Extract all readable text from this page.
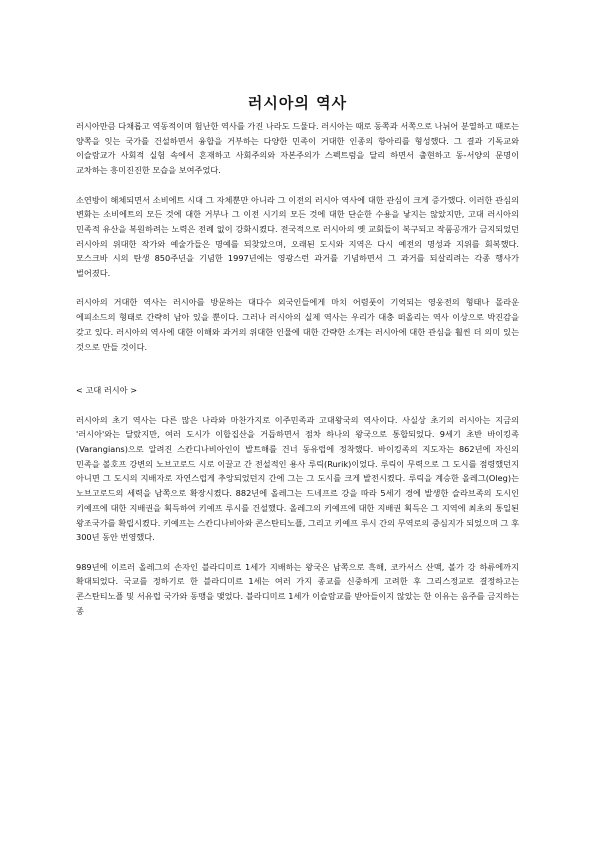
러시아의 역사

러시아만큼 다채롭고 역동적이며 험난한 역사를 가진 나라도 드물다. 러시아는 때로 동쪽과 서쪽으로 나뉘어 분열하고 때로는 양쪽을 잇는 국가를 건설하면서 융합을 거부하는 다양한 민족이 거대한 인종의 항아리를 형성했다. 그 결과 기독교와 이슬람교가 사회적 실험 속에서 혼재하고 사회주의와 자본주의가 스펙트럼을 달리 하면서 출현하고 동-서양의 문명이 교차하는 흥미진진한 모습을 보여주었다.

소연방이 해체되면서 소비에트 시대 그 자체뿐만 아니라 그 이전의 러시아 역사에 대한 관심이 크게 증가했다. 이러한 관심의 변화는 소비에트의 모든 것에 대한 거부나 그 이전 시기의 모든 것에 대한 단순한 수용을 낳지는 않았지만, 고대 러시아의 민족적 유산을 복원하려는 노력은 전례 없이 강화시켰다. 전국적으로 러시아의 옛 교회들이 복구되고 작품공개가 금지되었던 러시아의 위대한 작가와 예술가들은 명예를 되찾았으며, 오래된 도시와 지역은 다시 예전의 명성과 지위를 회복했다. 모스크바 시의 탄생 850주년을 기념한 1997년에는 영광스런 과거를 기념하면서 그 과거를 되살리려는 각종 행사가 벌어졌다.

러시아의 거대한 역사는 러시아를 방문하는 대다수 외국인들에게 마치 어렴풋이 기억되는 영웅전의 형태나 몰라운 에피소드의 형태로 간략히 남아 있을 뿐이다. 그러나 러시아의 실제 역사는 우리가 대충 떠올리는 역사 이상으로 박진감을 갖고 있다. 러시아의 역사에 대한 이해와 과거의 위대한 인물에 대한 간략한 소개는 러시아에 대한 관심을 훨씬 더 의미 있는 것으로 만들 것이다.

< 고대 러시아 >

러시아의 초기 역사는 다른 많은 나라와 마찬가지로 이주민족과 고대왕국의 역사이다. 사실상 초기의 러시아는 지금의 '러시아'와는 달랐지만, 여러 도시가 이합집산을 거듭하면서 점차 하나의 왕국으로 통합되었다. 9세기 초반 바이킹족(Varangians)으로 알려진 스칸디나비아인이 발트해를 건너 동유럽에 정착했다. 바이킹족의 지도자는 862년에 자신의 민족을 볼호프 강변의 노브고로드 시로 이끌고 간 전설적인 용사 루릭(Rurik)이었다. 루릭이 무력으로 그 도시를 점령했던지 아니면 그 도시의 지배자로 자연스럽게 추앙되었던지 간에 그는 그 도시를 크게 발전시켰다. 루릭을 계승한 올레그(Oleg)는 노브고로드의 세력을 남쪽으로 확장시켰다. 882년에 올레그는 드네프르 강을 따라 5세기 경에 발생한 슬라브족의 도시인 키예프에 대한 지배권을 획득하여 키예프 루시를 건설했다. 올레그의 키예프에 대한 지배권 획득은 그 지역에 최초의 통일된 왕조국가를 확립시켰다. 키예프는 스칸디나비아와 콘스탄티노플, 그리고 키예프 루시 간의 무역로의 중심지가 되었으며 그 후 300년 동안 번영했다.

989년에 이르러 올레그의 손자인 블라디미르 1세가 지배하는 왕국은 남쪽으로 흑해, 코카서스 산맥, 볼가 강 하류에까지 확대되었다. 국교를 정하기로 한 블라디미르 1세는 여러 가지 종교를 신중하게 고려한 후 그리스정교로 결정하고는 콘스탄티노플 및 서유럽 국가와 동맹을 맺었다. 블라디미르 1세가 이슬람교를 받아들이지 않았는 한 이유는 음주를 금지하는 종
